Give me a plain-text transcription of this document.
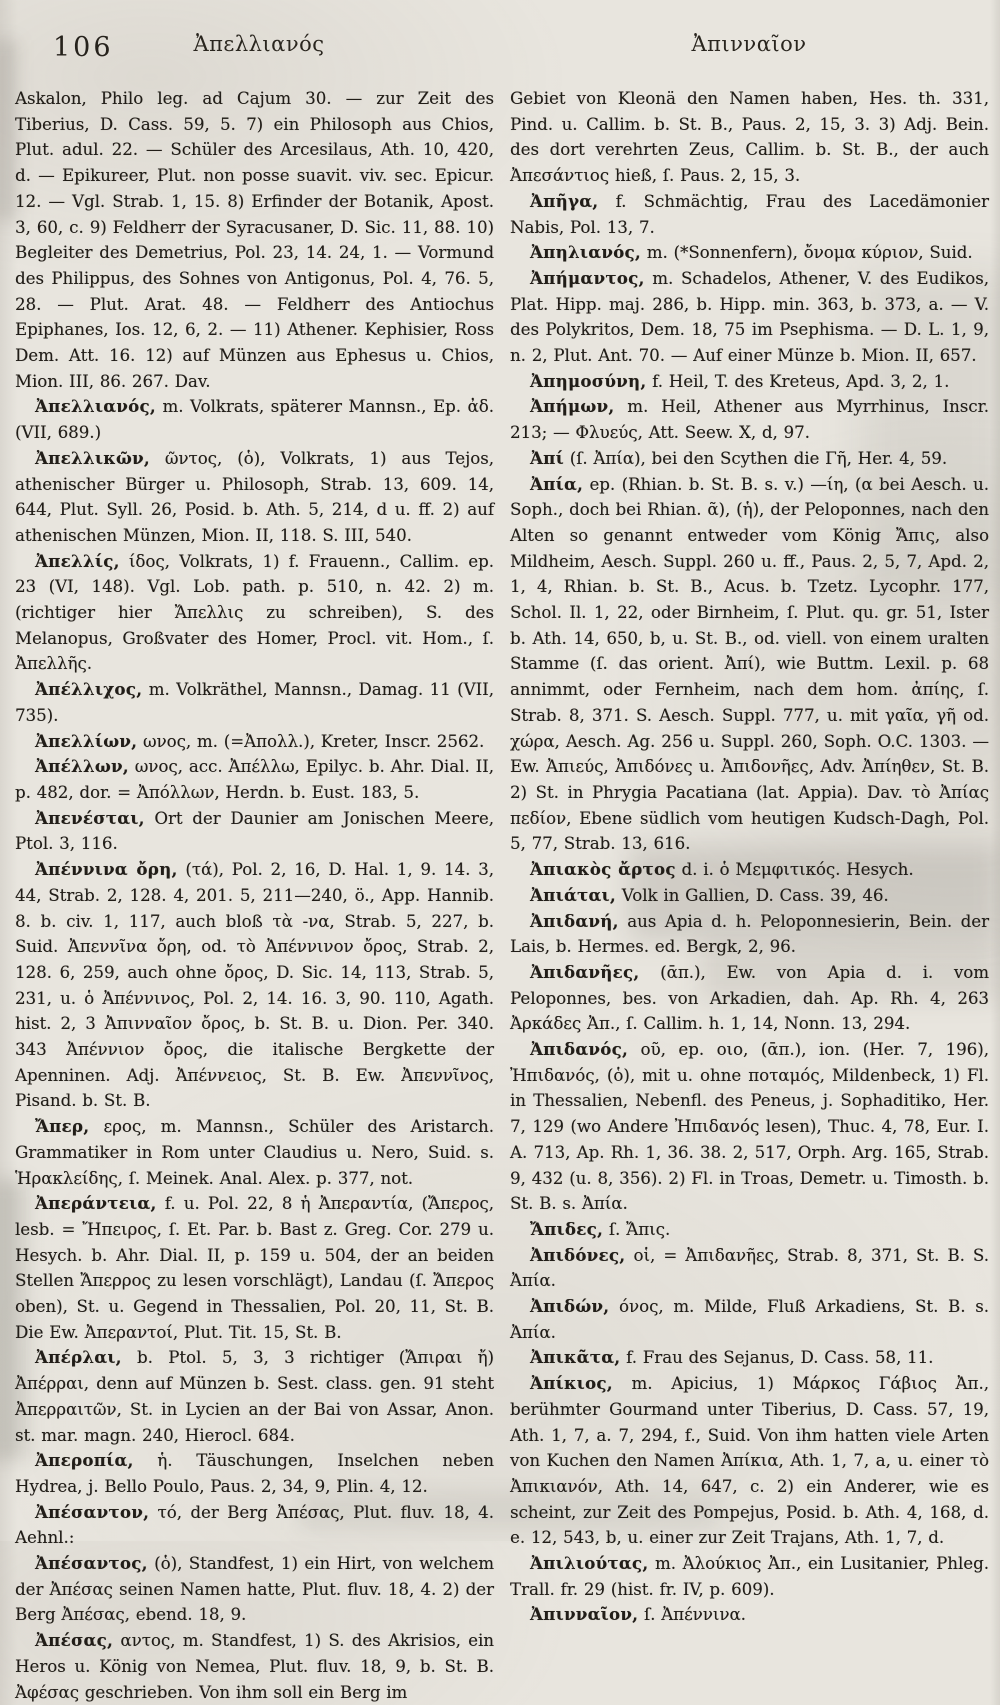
106	Ἀπελλιανός	Ἀπινναῖον

Askalon, Philo leg. ad Cajum 30. — zur Zeit des Tiberius, D. Cass. 59, 5. 7) ein Philosoph aus Chios, Plut. adul. 22. — Schüler des Arcesilaus, Ath. 10, 420, d. — Epikureer, Plut. non posse suavit. viv. sec. Epicur. 12. — Vgl. Strab. 1, 15. 8) Erfinder der Botanik, Apost. 3, 60, c. 9) Feldherr der Syracusaner, D. Sic. 11, 88. 10) Begleiter des Demetrius, Pol. 23, 14. 24, 1. — Vormund des Philippus, des Sohnes von Antigonus, Pol. 4, 76. 5, 28. — Plut. Arat. 48. — Feldherr des Antiochus Epiphanes, Ios. 12, 6, 2. — 11) Athener. Kephisier, Ross Dem. Att. 16. 12) auf Münzen aus Ephesus u. Chios, Mion. III, 86. 267. Dav.

Ἀπελλιανός, m. Volkrats, späterer Mannsn., Ep. ἀδ. (VII, 689.)

Ἀπελλικῶν, ῶντος, (ὁ), Volkrats, 1) aus Tejos, athenischer Bürger u. Philosoph, Strab. 13, 609. 14, 644, Plut. Syll. 26, Posid. b. Ath. 5, 214, d u. ff. 2) auf athenischen Münzen, Mion. II, 118. S. III, 540.

Ἀπελλίς, ίδος, Volkrats, 1) f. Frauenn., Callim. ep. 23 (VI, 148). Vgl. Lob. path. p. 510, n. 42. 2) m. (richtiger hier Ἄπελλις zu schreiben), S. des Melanopus, Großvater des Homer, Procl. vit. Hom., ſ. Ἀπελλῆς.

Ἀπέλλιχος, m. Volkräthel, Mannsn., Damag. 11 (VII, 735).

Ἀπελλίων, ωνος, m. (=Ἀπολλ.), Kreter, Inscr. 2562.

Ἀπέλλων, ωνος, acc. Ἀπέλλω, Epilyc. b. Ahr. Dial. II, p. 482, dor. = Ἀπόλλων, Herdn. b. Eust. 183, 5.

Ἀπενέσται, Ort der Daunier am Jonischen Meere, Ptol. 3, 116.

Ἀπέννινα ὄρη, (τά), Pol. 2, 16, D. Hal. 1, 9. 14. 3, 44, Strab. 2, 128. 4, 201. 5, 211—240, ö., App. Hannib. 8. b. civ. 1, 117, auch bloß τὰ -να, Strab. 5, 227, b. Suid. Ἀπεννῖνα ὄρη, od. τὸ Ἀπέννινον ὄρος, Strab. 2, 128. 6, 259, auch ohne ὄρος, D. Sic. 14, 113, Strab. 5, 231, u. ὁ Ἀπέννινος, Pol. 2, 14. 16. 3, 90. 110, Agath. hist. 2, 3 Ἀπινναῖον ὄρος, b. St. B. u. Dion. Per. 340. 343 Ἀπέννιον ὄρος, die italische Bergkette der Apenninen. Adj. Ἀπέννειος, St. B. Ew. Ἀπεννῖνος, Pisand. b. St. B.

Ἄπερ, ερος, m. Mannsn., Schüler des Aristarch. Grammatiker in Rom unter Claudius u. Nero, Suid. s. Ἡρακλείδης, ſ. Meinek. Anal. Alex. p. 377, not.

Ἀπεράντεια, f. u. Pol. 22, 8 ἡ Ἀπεραντία, (Ἄπερος, lesb. = Ἤπειρος, ſ. Et. Par. b. Bast z. Greg. Cor. 279 u. Hesych. b. Ahr. Dial. II, p. 159 u. 504, der an beiden Stellen Ἄπερρος zu lesen vorschlägt), Landau (ſ. Ἄπερος oben), St. u. Gegend in Thessalien, Pol. 20, 11, St. B. Die Ew. Ἀπεραντοί, Plut. Tit. 15, St. B.

Ἀπέρλαι, b. Ptol. 5, 3, 3 richtiger (Ἄπιραι ἤ) Ἀπέρραι, denn auf Münzen b. Sest. class. gen. 91 steht Ἀπερραιτῶν, St. in Lycien an der Bai von Assar, Anon. st. mar. magn. 240, Hierocl. 684.

Ἀπεροπία, ἡ. Täuschungen, Inselchen neben Hydrea, j. Bello Poulo, Paus. 2, 34, 9, Plin. 4, 12.

Ἀπέσαντον, τό, der Berg Ἀπέσας, Plut. fluv. 18, 4. Aehnl.:

Ἀπέσαντος, (ὁ), Standfest, 1) ein Hirt, von welchem der Ἀπέσας seinen Namen hatte, Plut. fluv. 18, 4. 2) der Berg Ἀπέσας, ebend. 18, 9.

Ἀπέσας, αντος, m. Standfest, 1) S. des Akrisios, ein Heros u. König von Nemea, Plut. fluv. 18, 9, b. St. B. Ἀφέσας geschrieben. Von ihm soll ein Berg im

Gebiet von Kleonä den Namen haben, Hes. th. 331, Pind. u. Callim. b. St. B., Paus. 2, 15, 3. 3) Adj. Bein. des dort verehrten Zeus, Callim. b. St. B., der auch Ἀπεσάντιος hieß, ſ. Paus. 2, 15, 3.

Ἀπῆγα, f. Schmächtig, Frau des Lacedämonier Nabis, Pol. 13, 7.

Ἀπηλιανός, m. (*Sonnenfern), ὄνομα κύριον, Suid.

Ἀπήμαντος, m. Schadelos, Athener, V. des Eudikos, Plat. Hipp. maj. 286, b. Hipp. min. 363, b. 373, a. — V. des Polykritos, Dem. 18, 75 im Psephisma. — D. L. 1, 9, n. 2, Plut. Ant. 70. — Auf einer Münze b. Mion. II, 657.

Ἀπημοσύνη, f. Heil, T. des Kreteus, Apd. 3, 2, 1.

Ἀπήμων, m. Heil, Athener aus Myrrhinus, Inscr. 213; — Φλυεύς, Att. Seew. X, d, 97.

Ἀπί (ſ. Ἀπία), bei den Scythen die Γῆ, Her. 4, 59.

Ἀπία, ep. (Rhian. b. St. B. s. v.) —ίη, (α bei Aesch. u. Soph., doch bei Rhian. ᾶ), (ἡ), der Peloponnes, nach den Alten so genannt entweder vom König Ἄπις, also Mildheim, Aesch. Suppl. 260 u. ff., Paus. 2, 5, 7, Apd. 2, 1, 4, Rhian. b. St. B., Acus. b. Tzetz. Lycophr. 177, Schol. Il. 1, 22, oder Birnheim, ſ. Plut. qu. gr. 51, Ister b. Ath. 14, 650, b, u. St. B., od. viell. von einem uralten Stamme (ſ. das orient. Ἀπί), wie Buttm. Lexil. p. 68 annimmt, oder Fernheim, nach dem hom. ἀπίης, ſ. Strab. 8, 371. S. Aesch. Suppl. 777, u. mit γαῖα, γῆ od. χώρα, Aesch. Ag. 256 u. Suppl. 260, Soph. O.C. 1303. — Ew. Ἀπιεύς, Ἀπιδόνες u. Ἀπιδονῆες, Adv. Ἀπίηθεν, St. B. 2) St. in Phrygia Pacatiana (lat. Appia). Dav. τὸ Ἀπίας πεδίον, Ebene südlich vom heutigen Kudsch-Dagh, Pol. 5, 77, Strab. 13, 616.

Ἀπιακὸς ἄρτος d. i. ὁ Μεμφιτικός. Hesych.

Ἀπιάται, Volk in Gallien, D. Cass. 39, 46.

Ἀπιδανή, aus Apia d. h. Peloponnesierin, Bein. der Lais, b. Hermes. ed. Bergk, 2, 96.

Ἀπιδανῆες, (ᾱπ.), Ew. von Apia d. i. vom Peloponnes, bes. von Arkadien, dah. Ap. Rh. 4, 263 Ἀρκάδες Ἀπ., ſ. Callim. h. 1, 14, Nonn. 13, 294.

Ἀπιδανός, οῦ, ep. οιο, (ᾱπ.), ion. (Her. 7, 196), Ἠπιδανός, (ὁ), mit u. ohne ποταμός, Mildenbeck, 1) Fl. in Thessalien, Nebenfl. des Peneus, j. Sophaditiko, Her. 7, 129 (wo Andere Ἠπιδανός lesen), Thuc. 4, 78, Eur. I. A. 713, Ap. Rh. 1, 36. 38. 2, 517, Orph. Arg. 165, Strab. 9, 432 (u. 8, 356). 2) Fl. in Troas, Demetr. u. Timosth. b. St. B. s. Ἀπία.

Ἄπιδες, ſ. Ἄπις.

Ἀπιδόνες, οἱ, = Ἀπιδανῆες, Strab. 8, 371, St. B. S. Ἀπία.

Ἀπιδών, όνος, m. Milde, Fluß Arkadiens, St. B. s. Ἀπία.

Ἀπικᾶτα, f. Frau des Sejanus, D. Cass. 58, 11.

Ἀπίκιος, m. Apicius, 1) Μάρκος Γάβιος Ἀπ., berühmter Gourmand unter Tiberius, D. Cass. 57, 19, Ath. 1, 7, a. 7, 294, f., Suid. Von ihm hatten viele Arten von Kuchen den Namen Ἀπίκια, Ath. 1, 7, a, u. einer τὸ Ἀπικιανόν, Ath. 14, 647, c. 2) ein Anderer, wie es scheint, zur Zeit des Pompejus, Posid. b. Ath. 4, 168, d. e. 12, 543, b, u. einer zur Zeit Trajans, Ath. 1, 7, d.

Ἀπιλιούτας, m. Ἀλούκιος Ἀπ., ein Lusitanier, Phleg. Trall. fr. 29 (hist. fr. IV, p. 609).

Ἀπινναῖον, ſ. Ἀπέννινα.
